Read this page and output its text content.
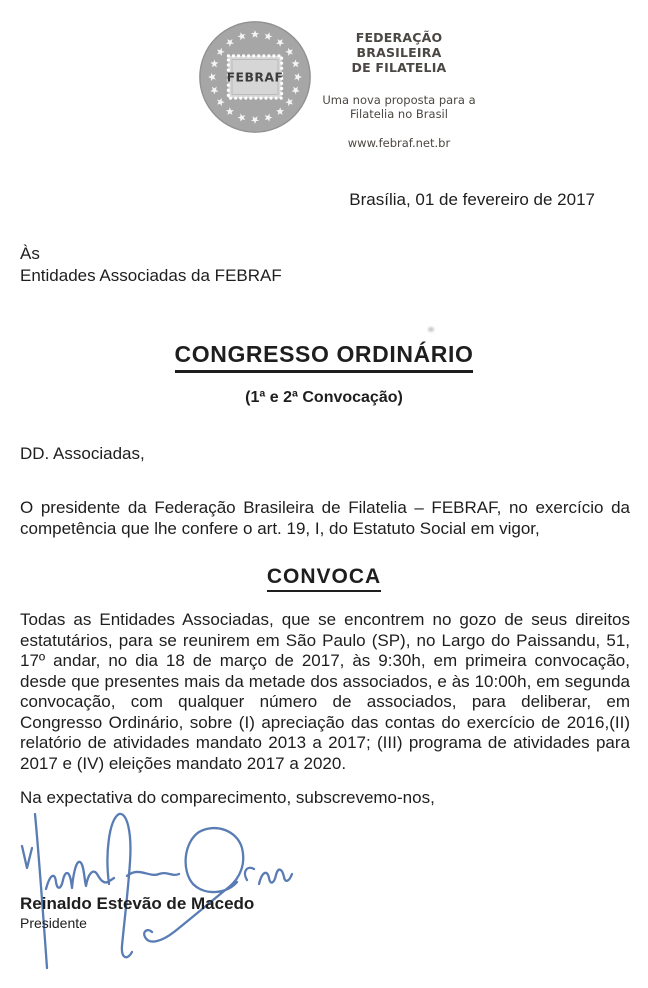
FEBRAF
FEDERAÇÃO BRASILEIRA
DE FILATELIA
Uma nova proposta para a
Filatelia no Brasil
www.febraf.net.br
Brasília, 01 de fevereiro de 2017
Às
Entidades Associadas da FEBRAF
CONGRESSO ORDINÁRIO
(1ª e 2ª Convocação)
DD. Associadas,
O presidente da Federação Brasileira de Filatelia – FEBRAF, no exercício da
competência que lhe confere o art. 19, I, do Estatuto Social em vigor,
CONVOCA
Todas as Entidades Associadas, que se encontrem no gozo de seus direitos
estatutários, para se reunirem em São Paulo (SP), no Largo do Paissandu, 51,
17º andar, no dia 18 de março de 2017, às 9:30h, em primeira convocação,
desde que presentes mais da metade dos associados, e às 10:00h, em segunda
convocação, com qualquer número de associados, para deliberar, em
Congresso Ordinário, sobre (I) apreciação das contas do exercício de 2016,(II)
relatório de atividades mandato 2013 a 2017; (III) programa de atividades para
2017 e (IV) eleições mandato 2017 a 2020.
Na expectativa do comparecimento, subscrevemo-nos,
Reinaldo Estevão de Macedo
Presidente
